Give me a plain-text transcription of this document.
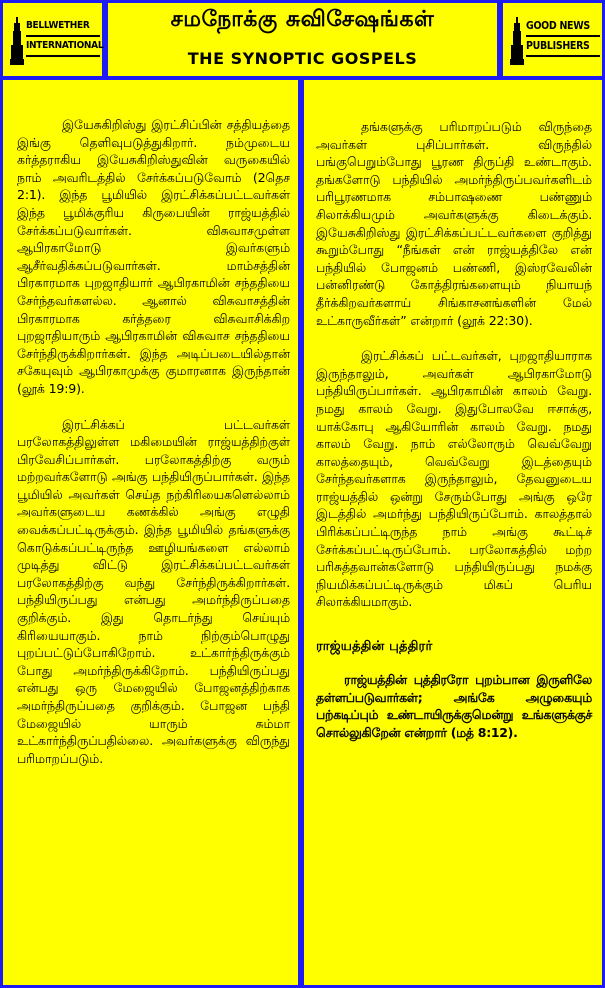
BELLWETHER
INTERNATIONAL
சமநோக்கு சுவிசேஷங்கள்
THE SYNOPTIC GOSPELS
GOOD NEWS
PUBLISHERS

இயேசுகிறிஸ்து இரட்சிப்பின் சத்தியத்தை இங்கு தெளிவுபடுத்துகிறார். நம்முடைய கர்த்தராகிய இயேசுகிறிஸ்துவின் வருகையில் நாம் அவரிடத்தில் சேர்க்கப்படுவோம் (2தெச 2:1). இந்த பூமியில் இரட்சிக்கப்பட்டவர்கள் இந்த பூமிக்குரிய கிருபையின் ராஜ்யத்தில் சேர்க்கப்படுவார்கள். விசுவாசமுள்ள ஆபிரகாமோடு இவர்களும் ஆசீர்வதிக்கப்படுவார்கள். மாம்சத்தின் பிரகாரமாக புறஜாதியார் ஆபிரகாமின் சந்ததியை சேர்ந்தவர்களல்ல. ஆனால் விசுவாசத்தின் பிரகாரமாக கர்த்தரை விசுவாசிக்கிற புறஜாதியாரும் ஆபிரகாமின் விசுவாச சந்ததியை சேர்ந்திருக்கிறார்கள். இந்த அடிப்படையில்தான் சகேயுவும் ஆபிரகாமுக்கு குமாரனாக இருந்தான் (லூக் 19:9).

இரட்சிக்கப் பட்டவர்கள் பரலோகத்திலுள்ள மகிமையின் ராஜ்யத்திற்குள் பிரவேசிப்பார்கள். பரலோகத்திற்கு வரும் மற்றவர்களோடு அங்கு பந்தியிருப்பார்கள். இந்த பூமியில் அவர்கள் செய்த நற்கிரியைகளெல்லாம் அவர்களுடைய கணக்கில் அங்கு எழுதி வைக்கப்பட்டிருக்கும். இந்த பூமியில் தங்களுக்கு கொடுக்கப்பட்டிருந்த ஊழியங்களை எல்லாம் முடித்து விட்டு இரட்சிக்கப்பட்டவர்கள் பரலோகத்திற்கு வந்து சேர்ந்திருக்கிறார்கள். பந்தியிருப்பது என்பது அமர்ந்திருப்பதை குறிக்கும். இது தொடர்ந்து செய்யும் கிரியையாகும். நாம் நிற்கும்பொழுது புறப்பட்டுப்போகிறோம். உட்கார்ந்திருக்கும் போது அமர்ந்திருக்கிறோம். பந்தியிருப்பது என்பது ஒரு மேஜையில் போஜனத்திற்காக அமர்ந்திருப்பதை குறிக்கும். போஜன பந்தி மேஜையில் யாரும் சும்மா உட்கார்ந்திருப்பதில்லை. அவர்களுக்கு விருந்து பரிமாறப்படும்.

தங்களுக்கு பரிமாறப்படும் விருந்தை அவர்கள் புசிப்பார்கள். விருந்தில் பங்குபெறும்போது பூரண திருப்தி உண்டாகும். தங்களோடு பந்தியில் அமர்ந்திருப்பவர்களிடம் பரிபூரணமாக சம்பாஷணை பண்ணும் சிலாக்கியமும் அவர்களுக்கு கிடைக்கும். இயேசுகிறிஸ்து இரட்சிக்கப்பட்டவர்களை குறித்து கூறும்போது “நீங்கள் என் ராஜ்யத்திலே என் பந்தியில் போஜனம் பண்ணி, இஸ்ரவேலின் பன்னிரண்டு கோத்திரங்களையும் நியாயந் தீர்க்கிறவர்களாய் சிங்காசனங்களின் மேல் உட்காருவீர்கள்” என்றார் (லூக் 22:30).

இரட்சிக்கப் பட்டவர்கள், புறஜாதியாராக இருந்தாலும், அவர்கள் ஆபிரகாமோடு பந்தியிருப்பார்கள். ஆபிரகாமின் காலம் வேறு. நமது காலம் வேறு. இதுபோலவே ஈசாக்கு, யாக்கோபு ஆகியோரின் காலம் வேறு. நமது காலம் வேறு. நாம் எல்லோரும் வெவ்வேறு காலத்தையும், வெவ்வேறு இடத்தையும் சேர்ந்தவர்களாக இருந்தாலும், தேவனுடைய ராஜ்யத்தில் ஒன்று சேரும்போது அங்கு ஒரே இடத்தில் அமர்ந்து பந்தியிருப்போம். காலத்தால் பிரிக்கப்பட்டிருந்த நாம் அங்கு கூட்டிச் சேர்க்கப்பட்டிருப்போம். பரலோகத்தில் மற்ற பரிசுத்தவான்களோடு பந்தியிருப்பது நமக்கு நியமிக்கப்பட்டிருக்கும் மிகப் பெரிய சிலாக்கியமாகும்.

ராஜ்யத்தின் புத்திரர்

ராஜ்யத்தின் புத்திரரோ புறம்பான இருளிலே தள்ளப்படுவார்கள்; அங்கே அழுகையும் பற்கடிப்பும் உண்டாயிருக்குமென்று உங்களுக்குச் சொல்லுகிறேன் என்றார் (மத் 8:12).
